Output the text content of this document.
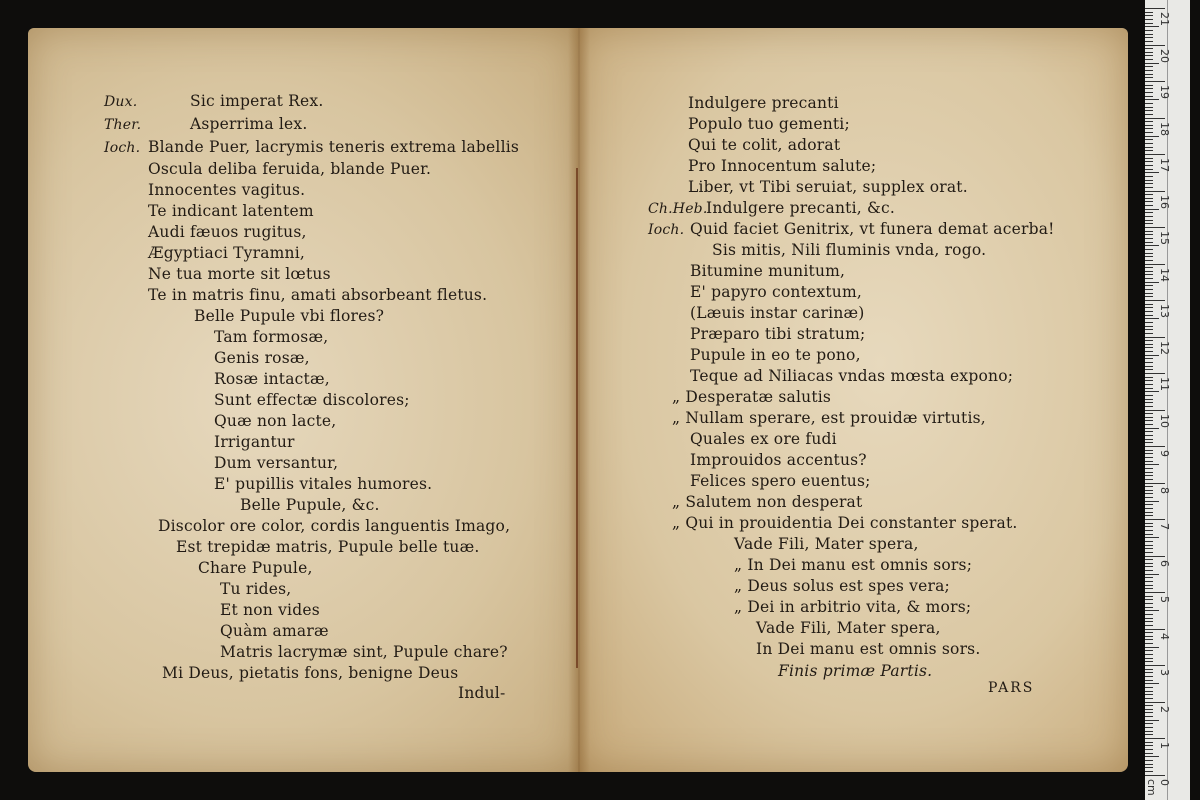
Dux.	Sic imperat Rex.
Ther.	Asperrima lex.
Ioch. Blande Puer, lacrymis teneris extrema labellis
Oscula deliba feruida, blande Puer.
Innocentes vagitus.
Te indicant latentem
Audi fæuos rugitus,
Ægyptiaci Tyramni,
Ne tua morte sit lœtus
Te in matris finu, amati absorbeant fletus.
Belle Pupule vbi flores?
Tam formosæ,
Genis rosæ,
Rosæ intactæ,
Sunt effectæ discolores;
Quæ non lacte,
Irrigantur
Dum versantur,
E' pupillis vitales humores.
Belle Pupule, &c.
Discolor ore color, cordis languentis Imago,
Est trepidæ matris, Pupule belle tuæ.
Chare Pupule,
Tu rides,
Et non vides
Quàm amaræ
Matris lacrymæ sint, Pupule chare?
Mi Deus, pietatis fons, benigne Deus
Indul-
Indulgere precanti
Populo tuo gementi;
Qui te colit, adorat
Pro Innocentum salute;
Liber, vt Tibi seruiat, supplex orat.
Ch.Heb.
Indulgere precanti, &c.
Ioch. Quid faciet Genitrix, vt funera demat acerba!
Sis mitis, Nili fluminis vnda, rogo.
Bitumine munitum,
E' papyro contextum,
(Læuis instar carinæ)
Præparo tibi stratum;
Pupule in eo te pono,
Teque ad Niliacas vndas mœsta expono;
„ Desperatæ salutis
„ Nullam sperare, est prouidæ virtutis,
Quales ex ore fudi
Improuidos accentus?
Felices spero euentus;
„ Salutem non desperat
„ Qui in prouidentia Dei constanter sperat.
Vade Fili, Mater spera,
„ In Dei manu est omnis sors;
„ Deus solus est spes vera;
„ Dei in arbitrio vita, & mors;
Vade Fili, Mater spera,
In Dei manu est omnis sors.
Finis primæ Partis.
PARS
21
20
19
18
17
16
15
14
13
12
11
10
9
8
7
6
5
4
3
2
1
0 cm
